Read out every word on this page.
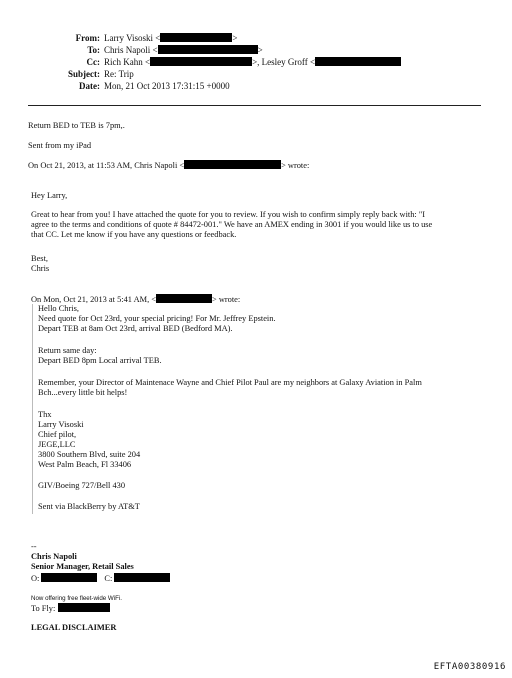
From: Larry Visoski <	>
To: Chris Napoli <	>
Cc: Rich Kahn <	>, Lesley Groff <
Subject: Re: Trip
Date: Mon, 21 Oct 2013 17:31:15 +0000
Return BED to TEB is 7pm,.
Sent from my iPad
On Oct 21, 2013, at 11:53 AM, Chris Napoli <	> wrote:
Hey Larry,
Great to hear from you! I have attached the quote for you to review. If you wish to confirm simply reply back with: "I
agree to the terms and conditions of quote # 84472-001." We have an AMEX ending in 3001 if you would like us to use
that CC. Let me know if you have any questions or feedback.
Best,
Chris
On Mon, Oct 21, 2013 at 5:41 AM, <	> wrote:
Hello Chris,
Need quote for Oct 23rd, your special pricing! For Mr. Jeffrey Epstein.
Depart TEB at 8am Oct 23rd, arrival BED (Bedford MA).
Return same day:
Depart BED 8pm Local arrival TEB.
Remember, your Director of Maintenace Wayne and Chief Pilot Paul are my neighbors at Galaxy Aviation in Palm
Bch...every little bit helps!
Thx
Larry Visoski
Chief pilot,
JEGE,LLC
3800 Southern Blvd, suite 204
West Palm Beach, Fl 33406
GIV/Boeing 727/Bell 430
Sent via BlackBerry by AT&T
--
Chris Napoli
Senior Manager, Retail Sales
O:	C:
Now offering free fleet-wide WiFi.
To Fly:
LEGAL DISCLAIMER
EFTA00380916
